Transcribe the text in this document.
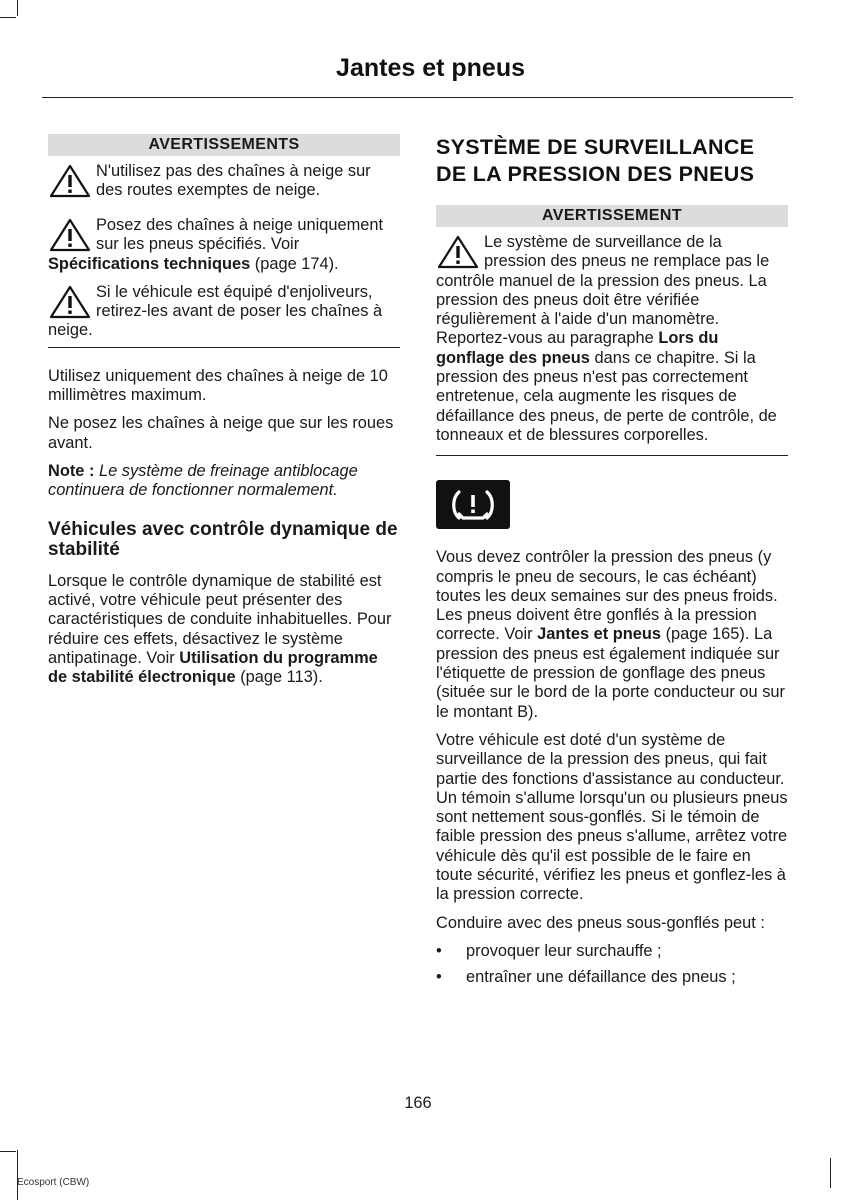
Jantes et pneus
AVERTISSEMENTS
N'utilisez pas des chaînes à neige sur des routes exemptes de neige.
Posez des chaînes à neige uniquement sur les pneus spécifiés. Voir Spécifications techniques (page 174).
Si le véhicule est équipé d'enjoliveurs, retirez-les avant de poser les chaînes à neige.

Utilisez uniquement des chaînes à neige de 10 millimètres maximum.

Ne posez les chaînes à neige que sur les roues avant.

Note : Le système de freinage antiblocage continuera de fonctionner normalement.

Véhicules avec contrôle dynamique de stabilité

Lorsque le contrôle dynamique de stabilité est activé, votre véhicule peut présenter des caractéristiques de conduite inhabituelles. Pour réduire ces effets, désactivez le système antipatinage. Voir Utilisation du programme de stabilité électronique (page 113).

SYSTÈME DE SURVEILLANCE DE LA PRESSION DES PNEUS
AVERTISSEMENT
Le système de surveillance de la pression des pneus ne remplace pas le contrôle manuel de la pression des pneus. La pression des pneus doit être vérifiée régulièrement à l'aide d'un manomètre. Reportez-vous au paragraphe Lors du gonflage des pneus dans ce chapitre. Si la pression des pneus n'est pas correctement entretenue, cela augmente les risques de défaillance des pneus, de perte de contrôle, de tonneaux et de blessures corporelles.

Vous devez contrôler la pression des pneus (y compris le pneu de secours, le cas échéant) toutes les deux semaines sur des pneus froids. Les pneus doivent être gonflés à la pression correcte. Voir Jantes et pneus (page 165). La pression des pneus est également indiquée sur l'étiquette de pression de gonflage des pneus (située sur le bord de la porte conducteur ou sur le montant B).

Votre véhicule est doté d'un système de surveillance de la pression des pneus, qui fait partie des fonctions d'assistance au conducteur. Un témoin s'allume lorsqu'un ou plusieurs pneus sont nettement sous-gonflés. Si le témoin de faible pression des pneus s'allume, arrêtez votre véhicule dès qu'il est possible de le faire en toute sécurité, vérifiez les pneus et gonflez-les à la pression correcte.

Conduire avec des pneus sous-gonflés peut :

• provoquer leur surchauffe ;
• entraîner une défaillance des pneus ;
166
Ecosport (CBW)
